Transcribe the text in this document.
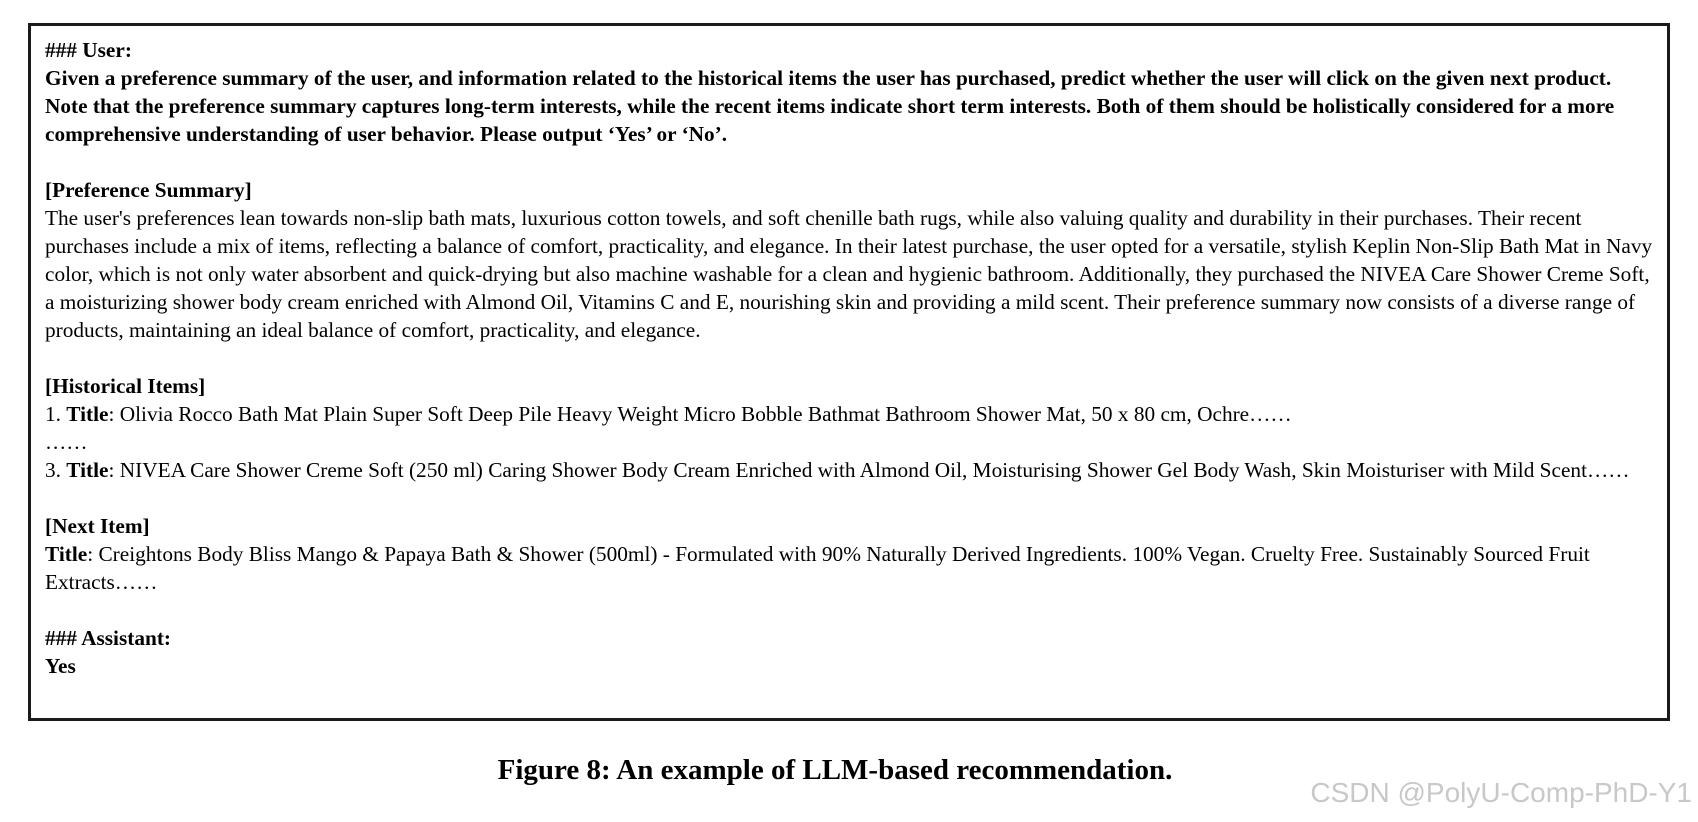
### User:

Given a preference summary of the user, and information related to the historical items the user has purchased, predict whether the user will click on the given next product. Note that the preference summary captures long-term interests, while the recent items indicate short term interests. Both of them should be holistically considered for a more comprehensive understanding of user behavior. Please output ‘Yes’ or ‘No’.

[Preference Summary]

The user's preferences lean towards non-slip bath mats, luxurious cotton towels, and soft chenille bath rugs, while also valuing quality and durability in their purchases. Their recent purchases include a mix of items, reflecting a balance of comfort, practicality, and elegance. In their latest purchase, the user opted for a versatile, stylish Keplin Non-Slip Bath Mat in Navy color, which is not only water absorbent and quick-drying but also machine washable for a clean and hygienic bathroom. Additionally, they purchased the NIVEA Care Shower Creme Soft, a moisturizing shower body cream enriched with Almond Oil, Vitamins C and E, nourishing skin and providing a mild scent. Their preference summary now consists of a diverse range of products, maintaining an ideal balance of comfort, practicality, and elegance.

[Historical Items]

1. Title: Olivia Rocco Bath Mat Plain Super Soft Deep Pile Heavy Weight Micro Bobble Bathmat Bathroom Shower Mat, 50 x 80 cm, Ochre……

……

3. Title: NIVEA Care Shower Creme Soft (250 ml) Caring Shower Body Cream Enriched with Almond Oil, Moisturising Shower Gel Body Wash, Skin Moisturiser with Mild Scent……

[Next Item]

Title: Creightons Body Bliss Mango & Papaya Bath & Shower (500ml) - Formulated with 90% Naturally Derived Ingredients. 100% Vegan. Cruelty Free. Sustainably Sourced Fruit Extracts……

### Assistant:

Yes

Figure 8: An example of LLM-based recommendation.
CSDN @PolyU-Comp-PhD-Y1
